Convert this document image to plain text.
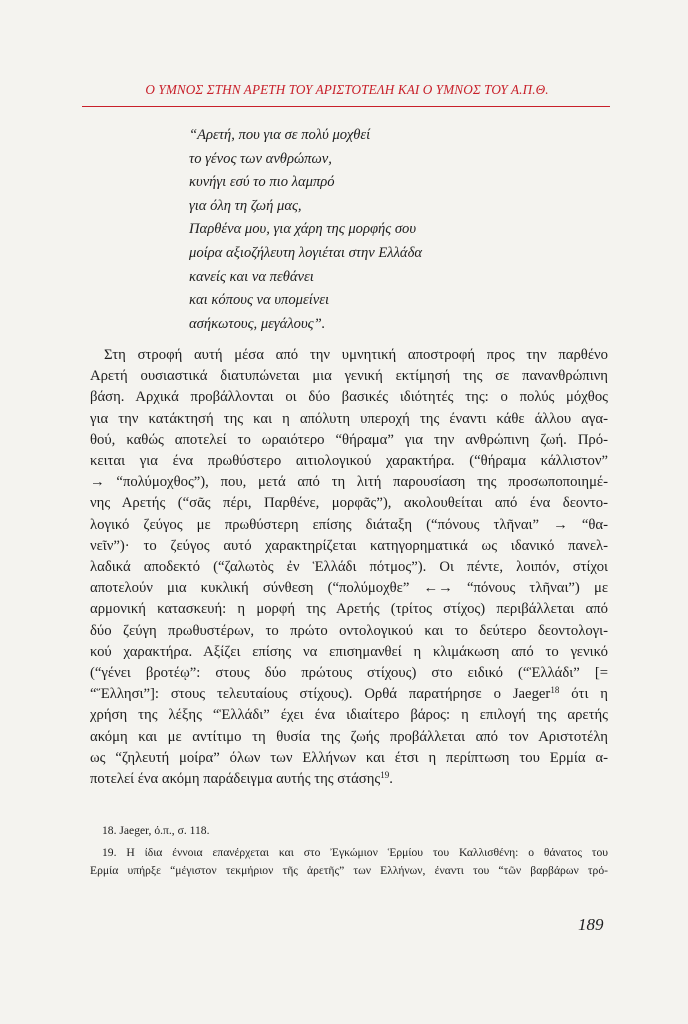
Ο ΥΜΝΟΣ ΣΤΗΝ ΑΡΕΤΗ ΤΟΥ ΑΡΙΣΤΟΤΕΛΗ ΚΑΙ Ο ΥΜΝΟΣ ΤΟΥ Α.Π.Θ.
“Αρετή, που για σε πολύ μοχθεί
το γένος των ανθρώπων,
κυνήγι εσύ το πιο λαμπρό
για όλη τη ζωή μας,
Παρθένα μου, για χάρη της μορφής σου
μοίρα αξιοζήλευτη λογιέται στην Ελλάδα
κανείς και να πεθάνει
και κόπους να υπομείνει
ασήκωτους, μεγάλους”.
Στη στροφή αυτή μέσα από την υμνητική αποστροφή προς την παρθένο
Αρετή ουσιαστικά διατυπώνεται μια γενική εκτίμησή της σε πανανθρώπινη
βάση. Αρχικά προβάλλονται οι δύο βασικές ιδιότητές της: ο πολύς μόχθος
για την κατάκτησή της και η απόλυτη υπεροχή της έναντι κάθε άλλου αγα-
θού, καθώς αποτελεί το ωραιότερο “θήραμα” για την ανθρώπινη ζωή. Πρό-
κειται για ένα πρωθύστερο αιτιολογικού χαρακτήρα. (“θήραμα κάλλιστον”
→ “πολύμοχθος”), που, μετά από τη λιτή παρουσίαση της προσωποποιημέ-
νης Αρετής (“σᾶς πέρι, Παρθένε, μορφᾶς”), ακολουθείται από ένα δεοντο-
λογικό ζεύγος με πρωθύστερη επίσης διάταξη (“πόνους τλῆναι” → “θα-
νεῖν”)· το ζεύγος αυτό χαρακτηρίζεται κατηγορηματικά ως ιδανικό πανελ-
λαδικά αποδεκτό (“ζαλωτὸς ἐν Ἑλλάδι πότμος”). Οι πέντε, λοιπόν, στίχοι
αποτελούν μια κυκλική σύνθεση (“πολύμοχθε” ←→ “πόνους τλῆναι”) με
αρμονική κατασκευή: η μορφή της Αρετής (τρίτος στίχος) περιβάλλεται από
δύο ζεύγη πρωθυστέρων, το πρώτο οντολογικού και το δεύτερο δεοντολογι-
κού χαρακτήρα. Αξίζει επίσης να επισημανθεί η κλιμάκωση από το γενικό
(“γένει βροτέῳ”: στους δύο πρώτους στίχους) στο ειδικό (“Ἑλλάδι” [=
“Ἕλλησι”]: στους τελευταίους στίχους). Ορθά παρατήρησε ο Jaeger$^{18}$ ότι η
χρήση της λέξης “Ἑλλάδι” έχει ένα ιδιαίτερο βάρος: η επιλογή της αρετής
ακόμη και με αντίτιμο τη θυσία της ζωής προβάλλεται από τον Αριστοτέλη
ως “ζηλευτή μοίρα” όλων των Ελλήνων και έτσι η περίπτωση του Ερμία α-
ποτελεί ένα ακόμη παράδειγμα αυτής της στάσης$^{19}$.
18. Jaeger, ό.π., σ. 118.
19. Η ίδια έννοια επανέρχεται και στο Ἐγκώμιον Ἑρμίου του Καλλισθένη: ο θάνατος του
Ερμία υπήρξε “μέγιστον τεκμήριον τῆς ἀρετῆς” των Ελλήνων, έναντι του “τῶν βαρβάρων τρό-
189
